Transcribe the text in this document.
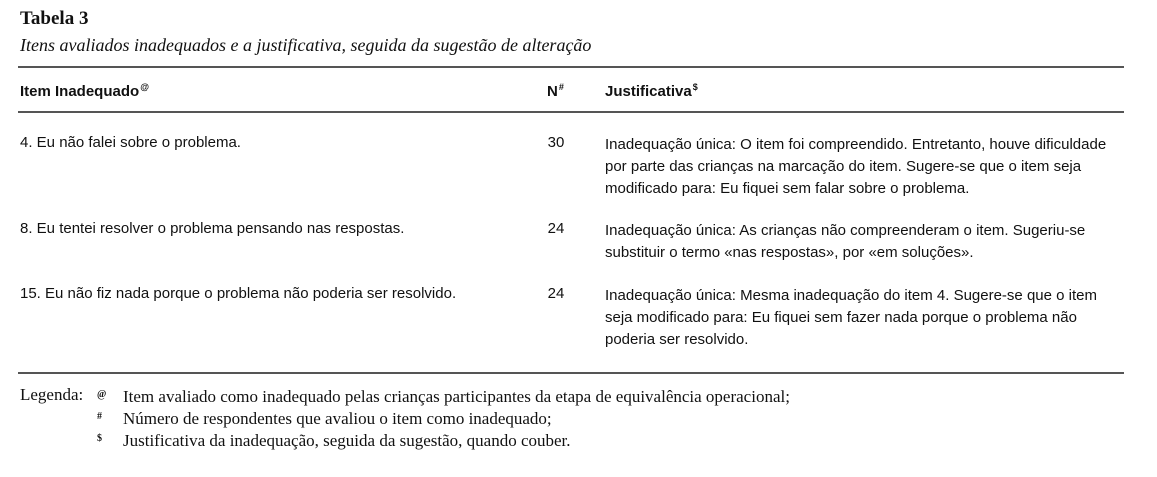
Tabela 3
Itens avaliados inadequados e a justificativa, seguida da sugestão de alteração
Item Inadequado@	N#	Justificativa$
4. Eu não falei sobre o problema.	30	Inadequação única: O item foi compreendido. Entretanto, houve dificuldade por parte das crianças na marcação do item. Sugere-se que o item seja modificado para: Eu fiquei sem falar sobre o problema.
8. Eu tentei resolver o problema pensando nas respostas.	24	Inadequação única: As crianças não compreenderam o item. Sugeriu-se substituir o termo «nas respostas», por «em soluções».
15. Eu não fiz nada porque o problema não poderia ser resolvido.	24	Inadequação única: Mesma inadequação do item 4. Sugere-se que o item seja modificado para: Eu fiquei sem fazer nada porque o problema não poderia ser resolvido.
Legenda: @ Item avaliado como inadequado pelas crianças participantes da etapa de equivalência operacional;
# Número de respondentes que avaliou o item como inadequado;
$ Justificativa da inadequação, seguida da sugestão, quando couber.
